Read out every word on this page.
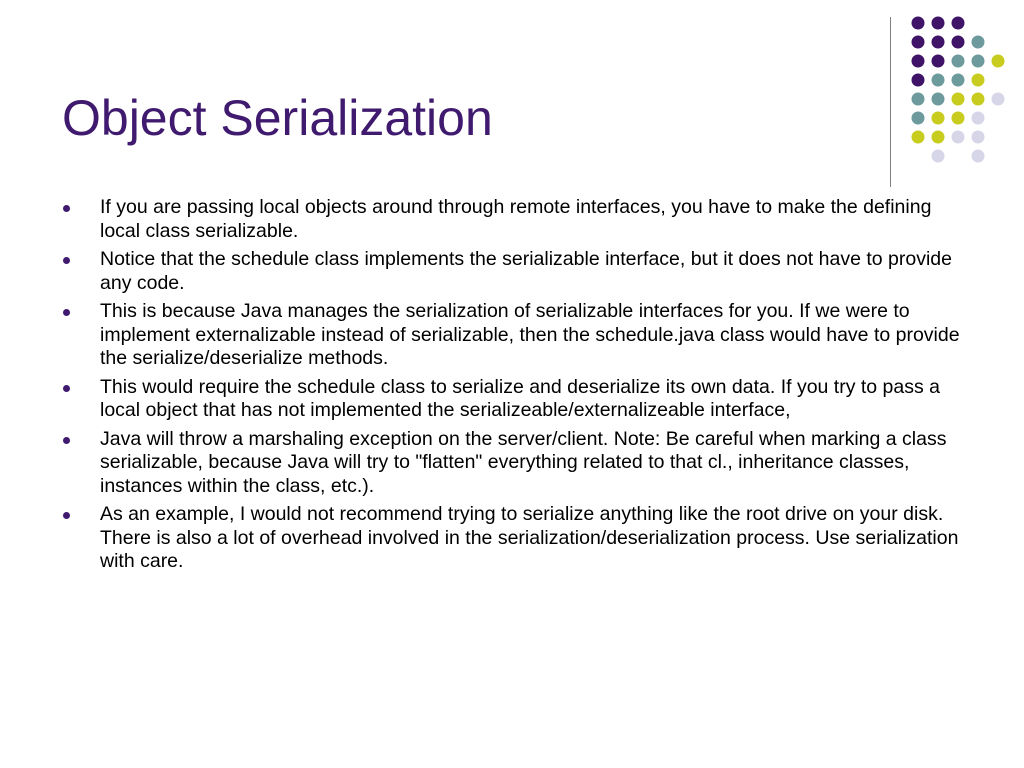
Object Serialization
If you are passing local objects around through remote interfaces, you have to make the defining local class serializable.
Notice that the schedule class implements the serializable interface, but it does not have to provide any code.
This is because Java manages the serialization of serializable interfaces for you. If we were to implement externalizable instead of serializable, then the schedule.java class would have to provide the serialize/deserialize methods.
This would require the schedule class to serialize and deserialize its own data. If you try to pass a local object that has not implemented the serializeable/externalizeable interface,
Java will throw a marshaling exception on the server/client. Note: Be careful when marking a class serializable, because Java will try to "flatten" everything related to that cl., inheritance classes, instances within the class, etc.).
As an example, I would not recommend trying to serialize anything like the root drive on your disk. There is also a lot of overhead involved in the serialization/deserialization process. Use serialization with care.
